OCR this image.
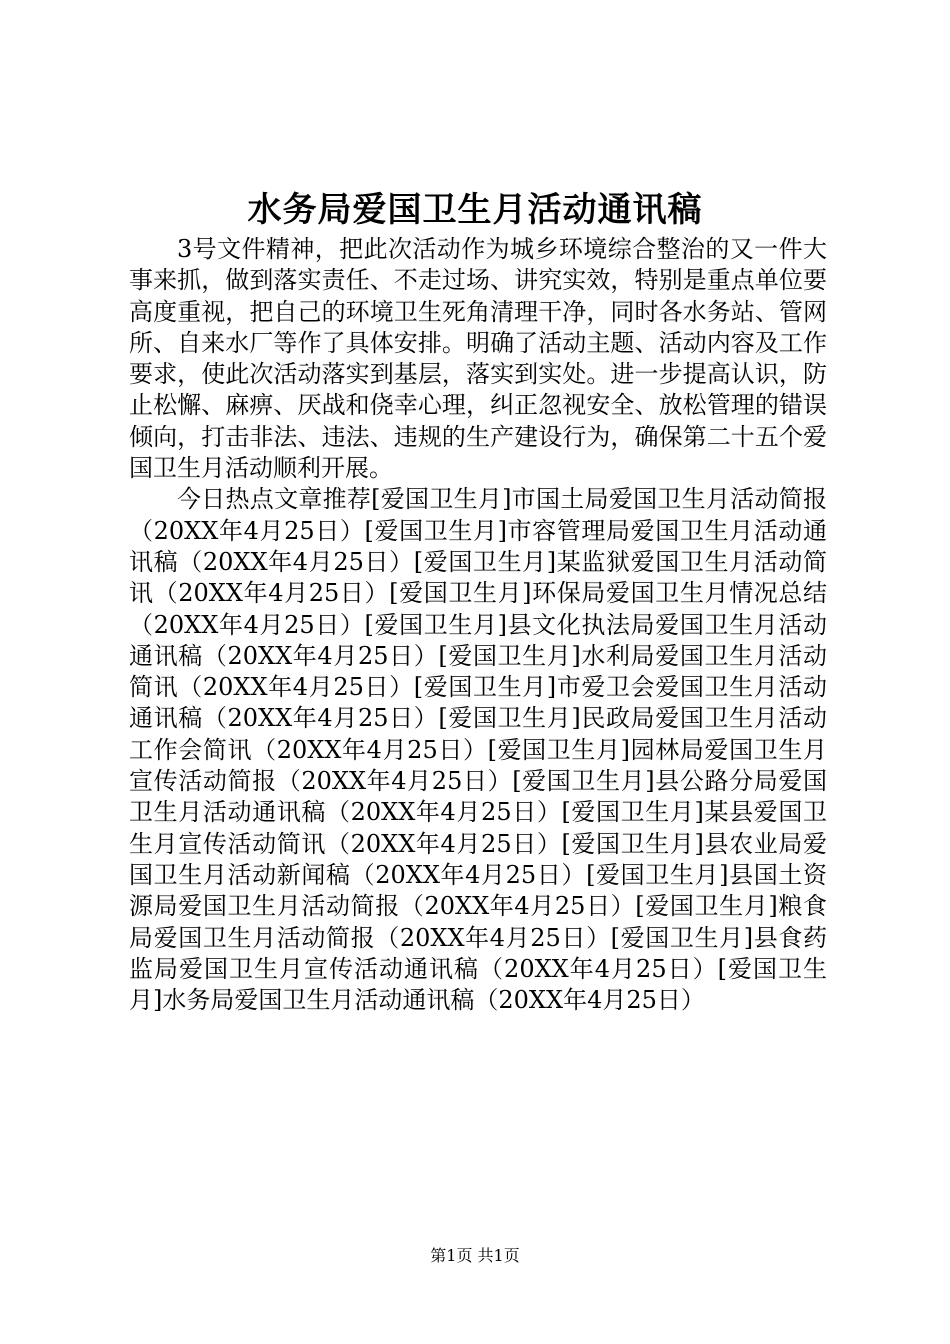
水务局爱国卫生月活动通讯稿

3号文件精神，把此次活动作为城乡环境综合整治的又一件大事来抓，做到落实责任、不走过场、讲究实效，特别是重点单位要高度重视，把自己的环境卫生死角清理干净，同时各水务站、管网所、自来水厂等作了具体安排。明确了活动主题、活动内容及工作要求，使此次活动落实到基层，落实到实处。进一步提高认识，防止松懈、麻痹、厌战和侥幸心理，纠正忽视安全、放松管理的错误倾向，打击非法、违法、违规的生产建设行为，确保第二十五个爱国卫生月活动顺利开展。

今日热点文章推荐[爱国卫生月]市国土局爱国卫生月活动简报（20XX年4月25日）[爱国卫生月]市容管理局爱国卫生月活动通讯稿（20XX年4月25日）[爱国卫生月]某监狱爱国卫生月活动简讯（20XX年4月25日）[爱国卫生月]环保局爱国卫生月情况总结（20XX年4月25日）[爱国卫生月]县文化执法局爱国卫生月活动通讯稿（20XX年4月25日）[爱国卫生月]水利局爱国卫生月活动简讯（20XX年4月25日）[爱国卫生月]市爱卫会爱国卫生月活动通讯稿（20XX年4月25日）[爱国卫生月]民政局爱国卫生月活动工作会简讯（20XX年4月25日）[爱国卫生月]园林局爱国卫生月宣传活动简报（20XX年4月25日）[爱国卫生月]县公路分局爱国卫生月活动通讯稿（20XX年4月25日）[爱国卫生月]某县爱国卫生月宣传活动简讯（20XX年4月25日）[爱国卫生月]县农业局爱国卫生月活动新闻稿（20XX年4月25日）[爱国卫生月]县国土资源局爱国卫生月活动简报（20XX年4月25日）[爱国卫生月]粮食局爱国卫生月活动简报（20XX年4月25日）[爱国卫生月]县食药监局爱国卫生月宣传活动通讯稿（20XX年4月25日）[爱国卫生月]水务局爱国卫生月活动通讯稿（20XX年4月25日）

第1页 共1页
